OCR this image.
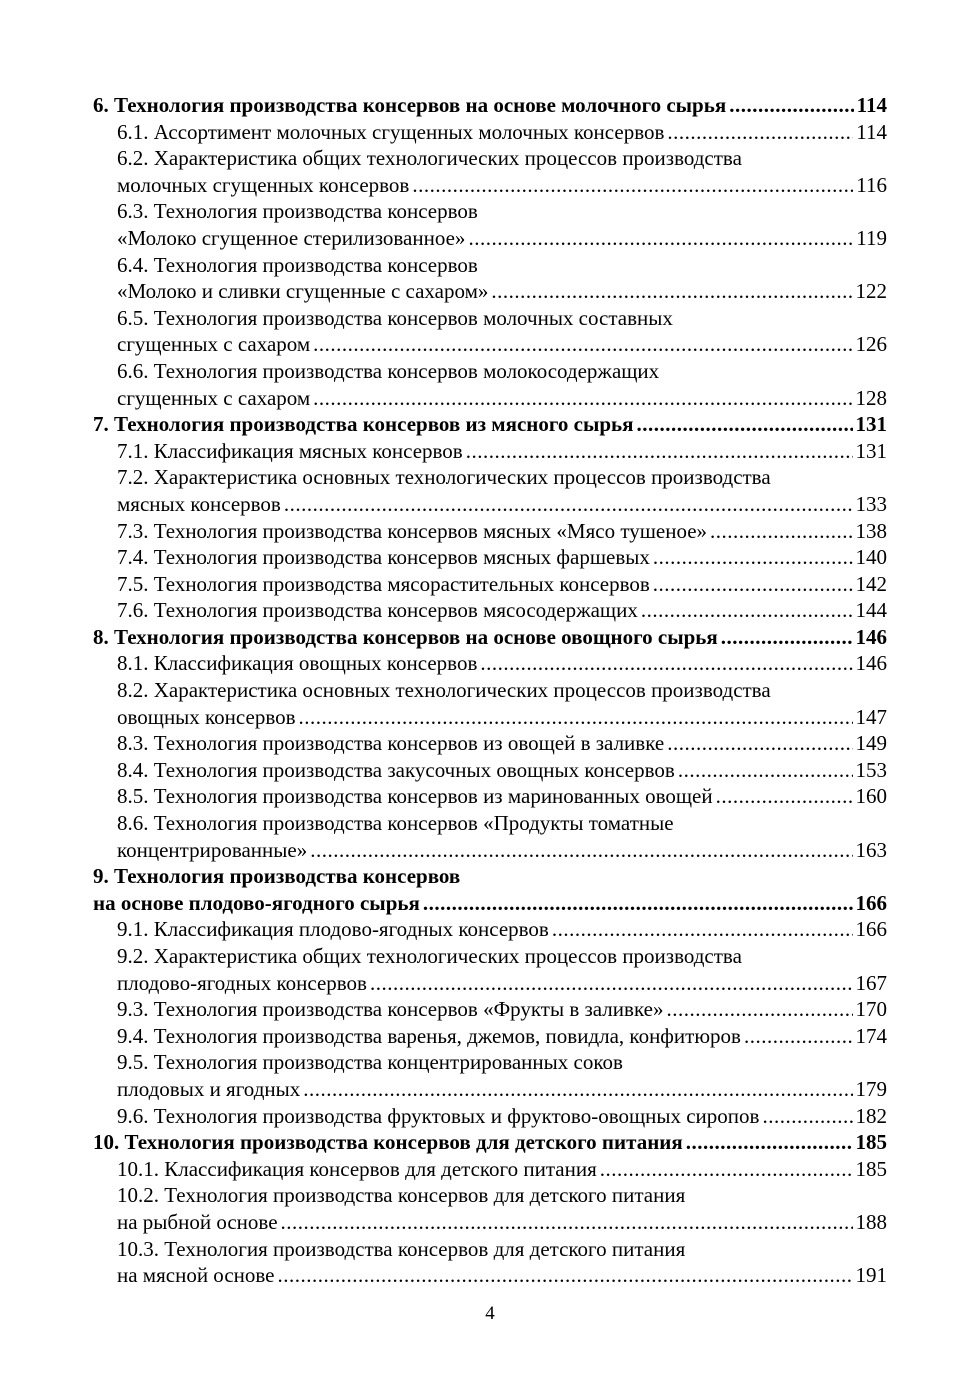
6. Технология производства консервов на основе молочного сырья .....	114
6.1. Ассортимент молочных сгущенных молочных консервов .....	114
6.2. Характеристика общих технологических процессов производства
молочных сгущенных консервов .....	116
6.3. Технология производства консервов
«Молоко сгущенное стерилизованное» .....	119
6.4. Технология производства консервов
«Молоко и сливки сгущенные с сахаром» .....	122
6.5. Технология производства консервов молочных составных
сгущенных с сахаром .....	126
6.6. Технология производства консервов молокосодержащих
сгущенных с сахаром .....	128
7. Технология производства консервов из мясного сырья .....	131
7.1. Классификация мясных консервов .....	131
7.2. Характеристика основных технологических процессов производства
мясных консервов .....	133
7.3. Технология производства консервов мясных «Мясо тушеное» .....	138
7.4. Технология производства консервов мясных фаршевых .....	140
7.5. Технология производства мясорастительных консервов .....	142
7.6. Технология производства консервов мясосодержащих .....	144
8. Технология производства консервов на основе овощного сырья .....	146
8.1. Классификация овощных консервов .....	146
8.2. Характеристика основных технологических процессов производства
овощных консервов .....	147
8.3. Технология производства консервов из овощей в заливке .....	149
8.4. Технология производства закусочных овощных консервов .....	153
8.5. Технология производства консервов из маринованных овощей .....	160
8.6. Технология производства консервов «Продукты томатные
концентрированные» .....	163
9. Технология производства консервов
на основе плодово-ягодного сырья .....	166
9.1. Классификация плодово-ягодных консервов .....	166
9.2. Характеристика общих технологических процессов производства
плодово-ягодных консервов .....	167
9.3. Технология производства консервов «Фрукты в заливке» .....	170
9.4. Технология производства варенья, джемов, повидла, конфитюров .....	174
9.5. Технология производства концентрированных соков
плодовых и ягодных .....	179
9.6. Технология производства фруктовых и фруктово-овощных сиропов .....	182
10. Технология производства консервов для детского питания .....	185
10.1. Классификация консервов для детского питания .....	185
10.2. Технология производства консервов для детского питания
на рыбной основе .....	188
10.3. Технология производства консервов для детского питания
на мясной основе .....	191
4
